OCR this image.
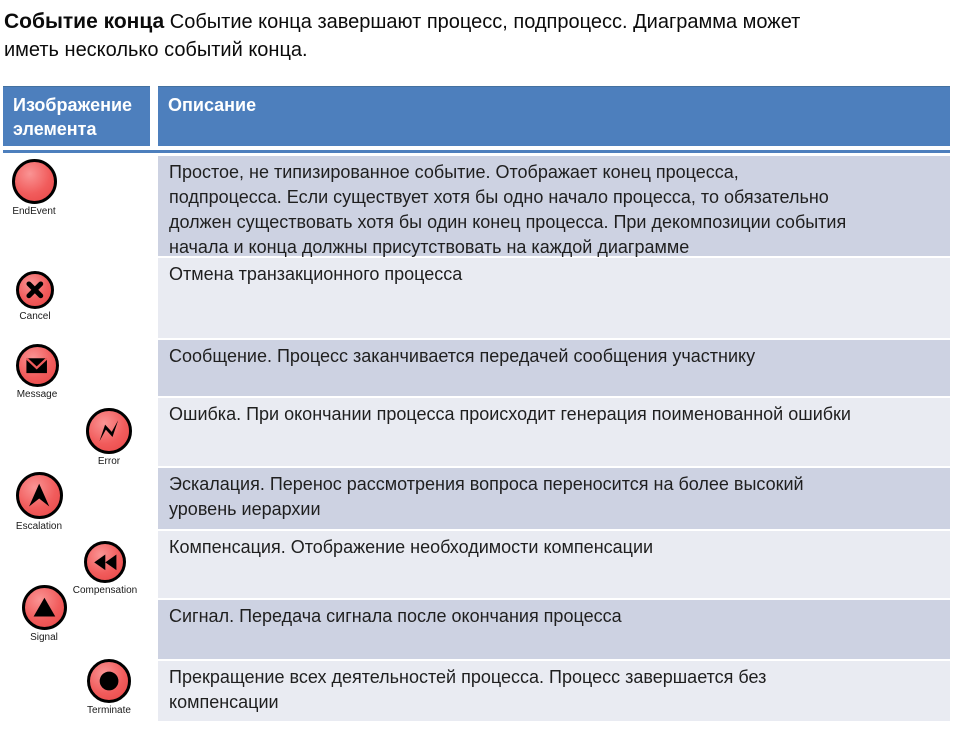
Событие конца Событие конца завершают процесс, подпроцесс. Диаграмма может иметь несколько событий конца.

Изображение элемента
Описание
Простое, не типизированное событие. Отображает конец процесса, подпроцесса. Если существует хотя бы одно начало процесса, то обязательно должен существовать хотя бы один конец процесса. При декомпозиции события начала и конца должны присутствовать на каждой диаграмме
Отмена транзакционного процесса
Сообщение. Процесс заканчивается передачей сообщения участнику
Ошибка. При окончании процесса происходит генерация поименованной ошибки
Эскалация. Перенос рассмотрения вопроса переносится на более высокий уровень иерархии
Компенсация. Отображение необходимости компенсации
Сигнал. Передача сигнала после окончания процесса
Прекращение всех деятельностей процесса. Процесс завершается без компенсации
EndEvent
Cancel
Message
Error
Escalation
Compensation
Signal
Terminate
